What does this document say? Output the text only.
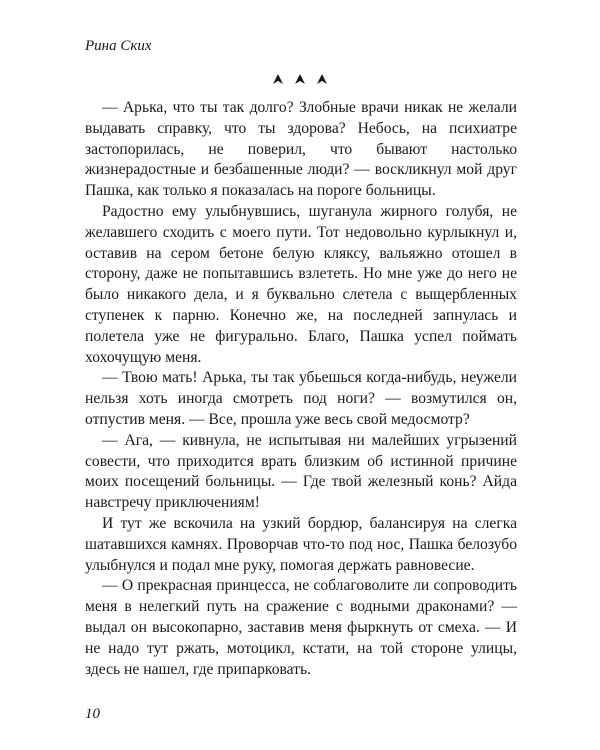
Рина Ских

— Арька, что ты так долго? Злобные врачи никак не желали выдавать справку, что ты здорова? Небось, на психиатре застопорилась, не поверил, что бывают настолько жизнерадостные и безбашенные люди? — воскликнул мой друг Пашка, как только я показалась на пороге больницы.

Радостно ему улыбнувшись, шуганула жирного голубя, не желавшего сходить с моего пути. Тот недовольно курлыкнул и, оставив на сером бетоне белую кляксу, вальяжно отошел в сторону, даже не попытавшись взлететь. Но мне уже до него не было никакого дела, и я буквально слетела с выщербленных ступенек к парню. Конечно же, на последней запнулась и полетела уже не фигурально. Благо, Пашка успел поймать хохочущую меня.

— Твою мать! Арька, ты так убьешься когда-нибудь, неужели нельзя хоть иногда смотреть под ноги? — возмутился он, отпустив меня. — Все, прошла уже весь свой медосмотр?

— Ага, — кивнула, не испытывая ни малейших угрызений совести, что приходится врать близким об истинной причине моих посещений больницы. — Где твой железный конь? Айда навстречу приключениям!

И тут же вскочила на узкий бордюр, балансируя на слегка шатавшихся камнях. Проворчав что-то под нос, Пашка белозубо улыбнулся и подал мне руку, помогая держать равновесие.

— О прекрасная принцесса, не соблаговолите ли сопроводить меня в нелегкий путь на сражение с водными драконами? — выдал он высокопарно, заставив меня фыркнуть от смеха. — И не надо тут ржать, мотоцикл, кстати, на той стороне улицы, здесь не нашел, где припарковать.

10
